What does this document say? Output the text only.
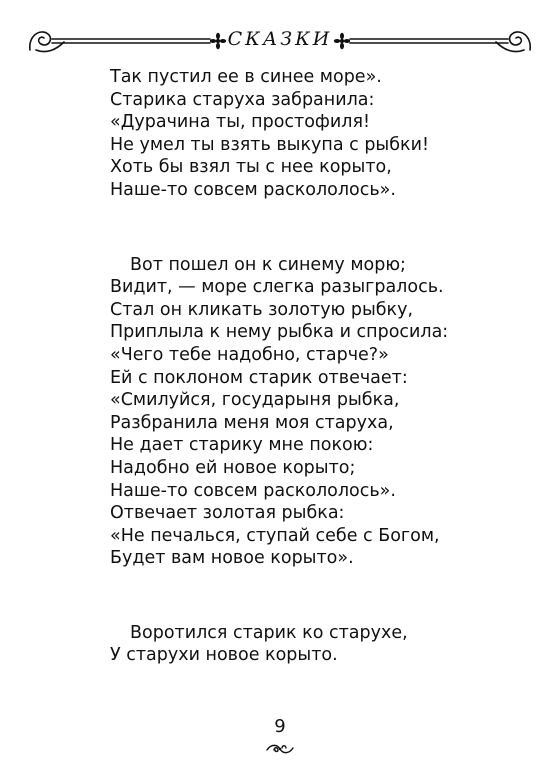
СКАЗКИ

Так пустил ее в синее море».
Старика старуха забранила:
«Дурачина ты, простофиля!
Не умел ты взять выкупа с рыбки!
Хоть бы взял ты с нее корыто,
Наше-то совсем раскололось».

Вот пошел он к синему морю;
Видит, — море слегка разыгралось.
Стал он кликать золотую рыбку,
Приплыла к нему рыбка и спросила:
«Чего тебе надобно, старче?»
Ей с поклоном старик отвечает:
«Смилуйся, государыня рыбка,
Разбранила меня моя старуха,
Не дает старику мне покою:
Надобно ей новое корыто;
Наше-то совсем раскололось».
Отвечает золотая рыбка:
«Не печалься, ступай себе с Богом,
Будет вам новое корыто».

Воротился старик ко старухе,
У старухи новое корыто.

9
